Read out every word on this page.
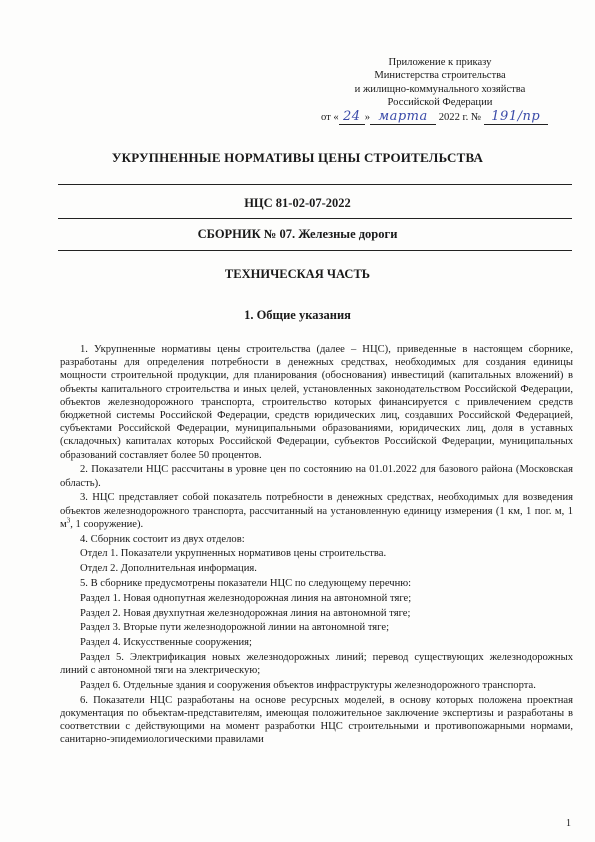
Приложение к приказу
Министерства строительства
и жилищно-коммунального хозяйства
Российской Федерации
от « 24 » марта 2022 г. № 191/пр
УКРУПНЕННЫЕ НОРМАТИВЫ ЦЕНЫ СТРОИТЕЛЬСТВА
НЦС 81-02-07-2022
СБОРНИК № 07. Железные дороги
ТЕХНИЧЕСКАЯ ЧАСТЬ
1. Общие указания

1. Укрупненные нормативы цены строительства (далее – НЦС), приведенные в настоящем сборнике, разработаны для определения потребности в денежных средствах, необходимых для создания единицы мощности строительной продукции, для планирования (обоснования) инвестиций (капитальных вложений) в объекты капитального строительства и иных целей, установленных законодательством Российской Федерации, объектов железнодорожного транспорта, строительство которых финансируется с привлечением средств бюджетной системы Российской Федерации, средств юридических лиц, создавших Российской Федерацией, субъектами Российской Федерации, муниципальными образованиями, юридических лиц, доля в уставных (складочных) капиталах которых Российской Федерации, субъектов Российской Федерации, муниципальных образований составляет более 50 процентов.

2. Показатели НЦС рассчитаны в уровне цен по состоянию на 01.01.2022 для базового района (Московская область).

3. НЦС представляет собой показатель потребности в денежных средствах, необходимых для возведения объектов железнодорожного транспорта, рассчитанный на установленную единицу измерения (1 км, 1 пог. м, 1 $м^3$, 1 сооружение).

4. Сборник состоит из двух отделов:

Отдел 1. Показатели укрупненных нормативов цены строительства.

Отдел 2. Дополнительная информация.

5. В сборнике предусмотрены показатели НЦС по следующему перечню:

Раздел 1. Новая однопутная железнодорожная линия на автономной тяге;

Раздел 2. Новая двухпутная железнодорожная линия на автономной тяге;

Раздел 3. Вторые пути железнодорожной линии на автономной тяге;

Раздел 4. Искусственные сооружения;

Раздел 5. Электрификация новых железнодорожных линий; перевод существующих железнодорожных линий с автономной тяги на электрическую;

Раздел 6. Отдельные здания и сооружения объектов инфраструктуры железнодорожного транспорта.

6. Показатели НЦС разработаны на основе ресурсных моделей, в основу которых положена проектная документация по объектам-представителям, имеющая положительное заключение экспертизы и разработаны в соответствии с действующими на момент разработки НЦС строительными и противопожарными нормами, санитарно-эпидемиологическими правилами

1
